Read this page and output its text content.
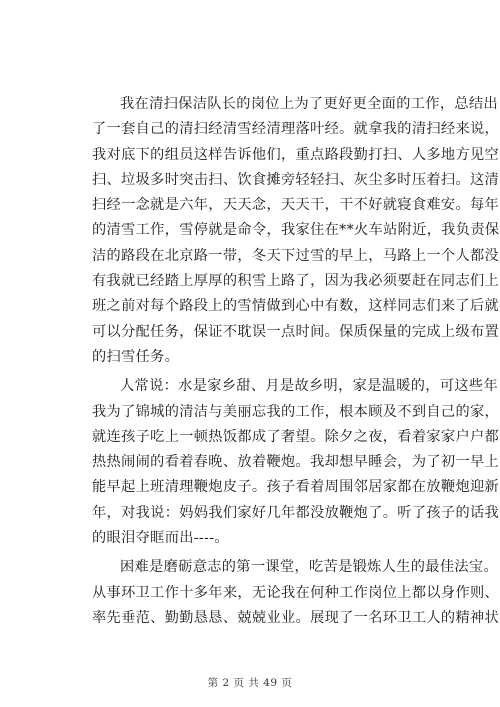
我在清扫保洁队长的岗位上为了更好更全面的工作，总结出
了一套自己的清扫经清雪经清理落叶经。就拿我的清扫经来说，
我对底下的组员这样告诉他们，重点路段勤打扫、人多地方见空
扫、垃圾多时突击扫、饮食摊旁轻轻扫、灰尘多时压着扫。这清
扫经一念就是六年，天天念，天天干，干不好就寝食难安。每年
的清雪工作，雪停就是命令，我家住在**火车站附近，我负责保
洁的路段在北京路一带，冬天下过雪的早上，马路上一个人都没
有我就已经踏上厚厚的积雪上路了，因为我必须要赶在同志们上
班之前对每个路段上的雪情做到心中有数，这样同志们来了后就
可以分配任务，保证不耽误一点时间。保质保量的完成上级布置
的扫雪任务。
人常说：水是家乡甜、月是故乡明，家是温暖的，可这些年
我为了锦城的清洁与美丽忘我的工作，根本顾及不到自己的家，
就连孩子吃上一顿热饭都成了奢望。除夕之夜，看着家家户户都
热热闹闹的看着春晚、放着鞭炮。我却想早睡会，为了初一早上
能早起上班清理鞭炮皮子。孩子看着周围邻居家都在放鞭炮迎新
年，对我说：妈妈我们家好几年都没放鞭炮了。听了孩子的话我
的眼泪夺眶而出----。
困难是磨砺意志的第一课堂，吃苦是锻炼人生的最佳法宝。
从事环卫工作十多年来，无论我在何种工作岗位上都以身作则、
率先垂范、勤勤恳恳、兢兢业业。展现了一名环卫工人的精神状
第 2 页 共 49 页
